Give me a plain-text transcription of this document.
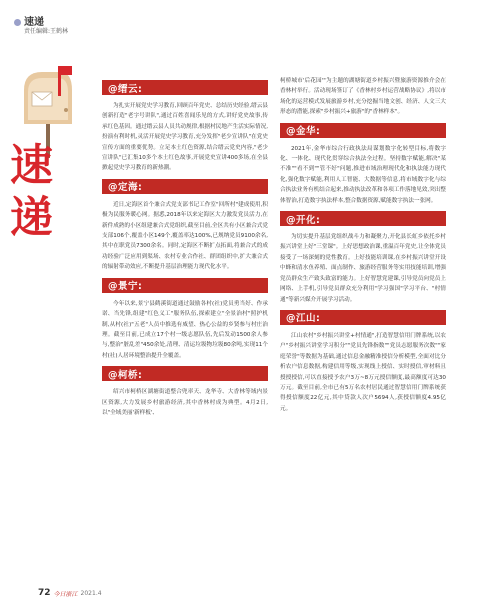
速递
责任编辑:王鹤林
速递
@缙云:

为扎实开展党史学习教育,回顾百年党史、总结历史经验,缙云县创新打造"老字号讲队",通过百姓喜闻乐见的方式,讲好党史故事,传承红色基因。通过缙云县人员共动规律,根据村民地产生活实际情况,扮演有利时机,灵活开展党史学习教育,充分发挥"老少宣讲队"在党史宣传方面的重要优势。立足本土红色资源,结合缙云党史内容,"老少宣讲队"已汇集10多个本土红色故事,开展党史宣讲400多场,在全县掀起党史学习教育的新热潮。

@定海:

近日,定海区首个兼合式党支部书记工作室"回所村"建成使用,积极为民服务暖心网。据悉,2018年以来定海区大力激发党员活力,在新件成熟的小区组建兼合式党组织,截至目前,全区共有小区兼合式党支部106个,覆盖小区149个,覆盖率达100%,已规纳党员9100余名,其中在职党员7300余名。同时,定海区不断扩点拓面,将兼合式的成功经验广泛应用到渠场、农村专业合作社、群团组织中,扩大兼合式的辐射带动效应,不断提升基层治理能力现代化水平。

@景宁:

今年以来,景宁县鹤溪街道通过鼓励各村(社)党员勇当好、作承诺、当先锋,组建"红色义工"服务队伍,探索建立"全景治村"照护机制,从村(社)"五老"人员中推选有威望、热心公益的乡贤参与村庄治理。截至目前,已成立17个村一级志愿队伍,先后发动1500余人参与,整治"脏乱差"450余处,清理、清运垃圾物垃圾80余吨,实现11个村(社)人居环境整治提升全覆盖。

@柯桥:

绍兴市柯桥区湖塘街道整合兜率天、龙华寺、大香林等域内景区资源,大力发展乡村旅游经济,其中香林村成为典型。4月2日,以"全域美丽'新样板'、

柯桥城市'后花园'"为主题的湖塘街道乡村振兴暨旅游资源推介会在香林村举行。活动现场签订了《香林村乡村运营战略协议》,将以市场化的运营模式发展旅游乡村,充分挖掘当地文创、经济、人文三大形态的潜能,探索"乡村振兴+旅游"的"香林样本"。

@金华:

2021年,金华市综合行政执法局谋划数字化转型目标,将数字化、一体化、现代化贯穿综合执法全过程。坚持数字赋能,解决"某不准""看不到""管不好"问题,推进市域治理现代化和执法能力现代化,强化数字赋能,利用人工智能、大数据等信息,将市域数字化与综合执法业务有机结合起来,推动执法改革和各项工作落地见效,突出整体智治,打造数字执法样本,整合数据资源,赋能数字执法一张网。

@开化:

为切实提升基层党组织战斗力和凝聚力,开化县长虹乡依托乡村振兴讲堂上好"三堂课"。上好思想政治课,重温百年党史,让全体党员接受了一场深刻的党性教育。上好技能培训课,在乡村振兴讲堂开设中蜂和清水鱼养殖、面点制作、旅游经营服务等实用技能培训,增强党员群众生产致头致富的能力。上好智慧党建课,引导党员向党员上网络、上手机,引导党员群众充分利用"学习强国"学习平台、"村情通"等新兴媒介开展学习活动。

@江山:

江山农村"乡村振兴讲堂+村情通",打造智慧信用门牌系统,以农户"乡村振兴讲堂学习积分""党员先锋指数""党员志愿服务次数""家庭荣誉"等数据为基础,通过信息金融精准授信分析模型,全面对比分析农户信息数据,构建信用等级,实现线上授信、实时授信,审材料且授授授信,可以直接授予农户3万~8万元授信额度,最高额度可达30万元。截至目前,全市已有5万名农村居民通过智慧信用门牌系统获得授信额度22亿元,其中贷款人次户5694人,获授信额度4.95亿元。

72 今日浙江 2021.4
